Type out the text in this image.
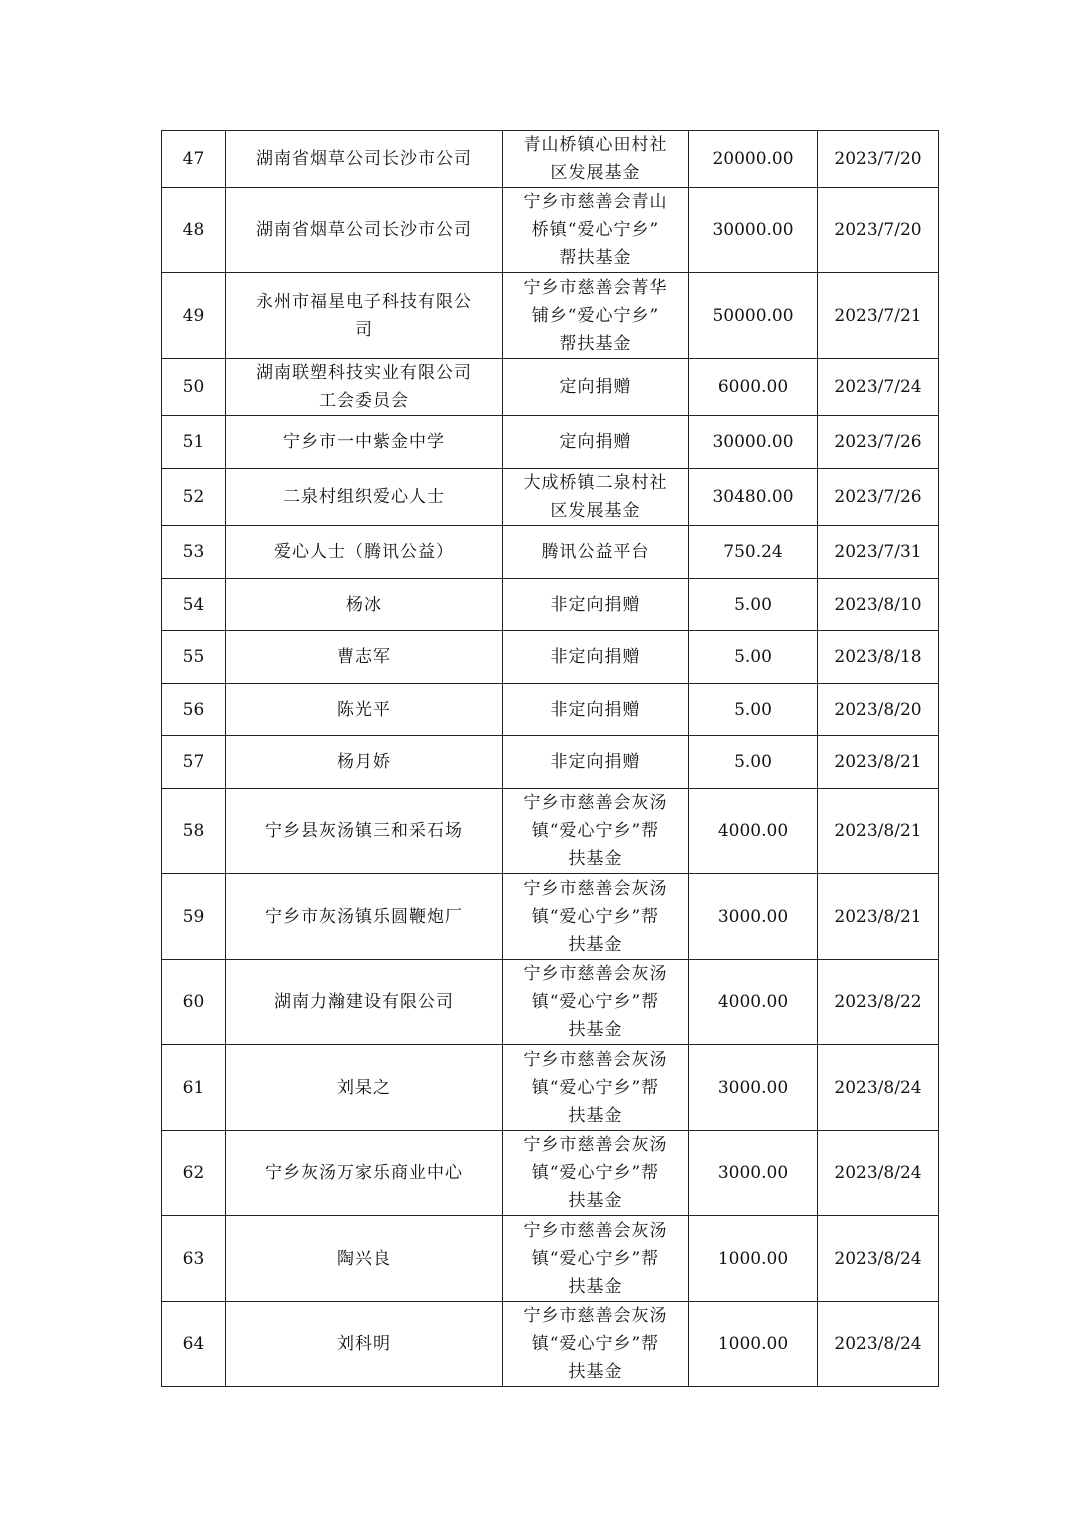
47	湖南省烟草公司长沙市公司	青山桥镇心田村社
区发展基金	20000.00	2023/7/20
48	湖南省烟草公司长沙市公司	宁乡市慈善会青山
桥镇“爱心宁乡”
帮扶基金	30000.00	2023/7/20
49	永州市福星电子科技有限公
司	宁乡市慈善会菁华
铺乡“爱心宁乡”
帮扶基金	50000.00	2023/7/21
50	湖南联塑科技实业有限公司
工会委员会	定向捐赠	6000.00	2023/7/24
51	宁乡市一中紫金中学	定向捐赠	30000.00	2023/7/26
52	二泉村组织爱心人士	大成桥镇二泉村社
区发展基金	30480.00	2023/7/26
53	爱心人士（腾讯公益）	腾讯公益平台	750.24	2023/7/31
54	杨冰	非定向捐赠	5.00	2023/8/10
55	曹志军	非定向捐赠	5.00	2023/8/18
56	陈光平	非定向捐赠	5.00	2023/8/20
57	杨月娇	非定向捐赠	5.00	2023/8/21
58	宁乡县灰汤镇三和采石场	宁乡市慈善会灰汤
镇“爱心宁乡”帮
扶基金	4000.00	2023/8/21
59	宁乡市灰汤镇乐圆鞭炮厂	宁乡市慈善会灰汤
镇“爱心宁乡”帮
扶基金	3000.00	2023/8/21
60	湖南力瀚建设有限公司	宁乡市慈善会灰汤
镇“爱心宁乡”帮
扶基金	4000.00	2023/8/22
61	刘杲之	宁乡市慈善会灰汤
镇“爱心宁乡”帮
扶基金	3000.00	2023/8/24
62	宁乡灰汤万家乐商业中心	宁乡市慈善会灰汤
镇“爱心宁乡”帮
扶基金	3000.00	2023/8/24
63	陶兴良	宁乡市慈善会灰汤
镇“爱心宁乡”帮
扶基金	1000.00	2023/8/24
64	刘科明	宁乡市慈善会灰汤
镇“爱心宁乡”帮
扶基金	1000.00	2023/8/24
